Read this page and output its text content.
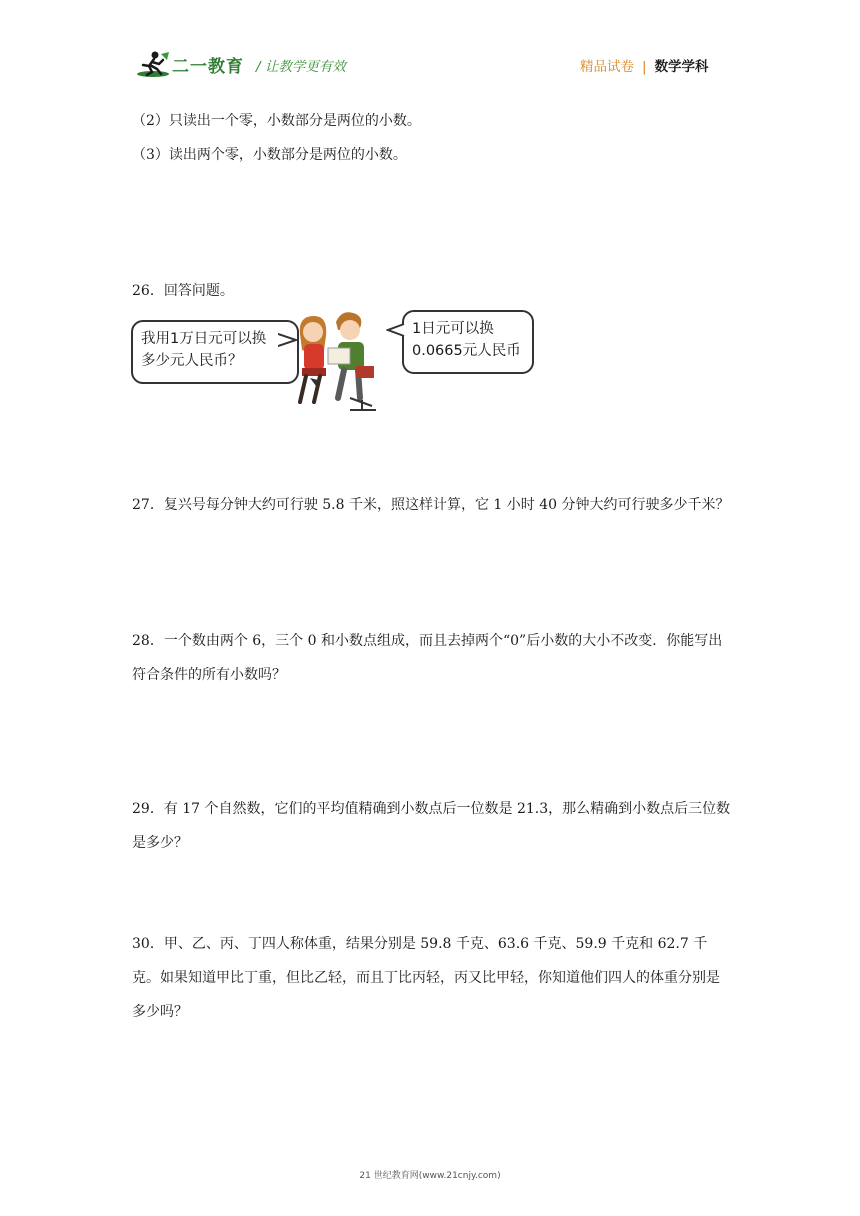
二一教育 / 让教学更有效	精品试卷 | 数学学科
（2）只读出一个零，小数部分是两位的小数。
（3）读出两个零，小数部分是两位的小数。
26．回答问题。
我用1万日元可以换
多少元人民币？
1日元可以换
0.0665元人民币
27．复兴号每分钟大约可行驶 5.8 千米，照这样计算，它 1 小时 40 分钟大约可行驶多少千米？
28．一个数由两个 6，三个 0 和小数点组成，而且去掉两个“0”后小数的大小不改变．你能写出符合条件的所有小数吗？
29．有 17 个自然数，它们的平均值精确到小数点后一位数是 21.3，那么精确到小数点后三位数是多少？
30．甲、乙、丙、丁四人称体重，结果分别是 59.8 千克、63.6 千克、59.9 千克和 62.7 千克。如果知道甲比丁重，但比乙轻，而且丁比丙轻，丙又比甲轻，你知道他们四人的体重分别是多少吗？
21 世纪教育网(www.21cnjy.com)
